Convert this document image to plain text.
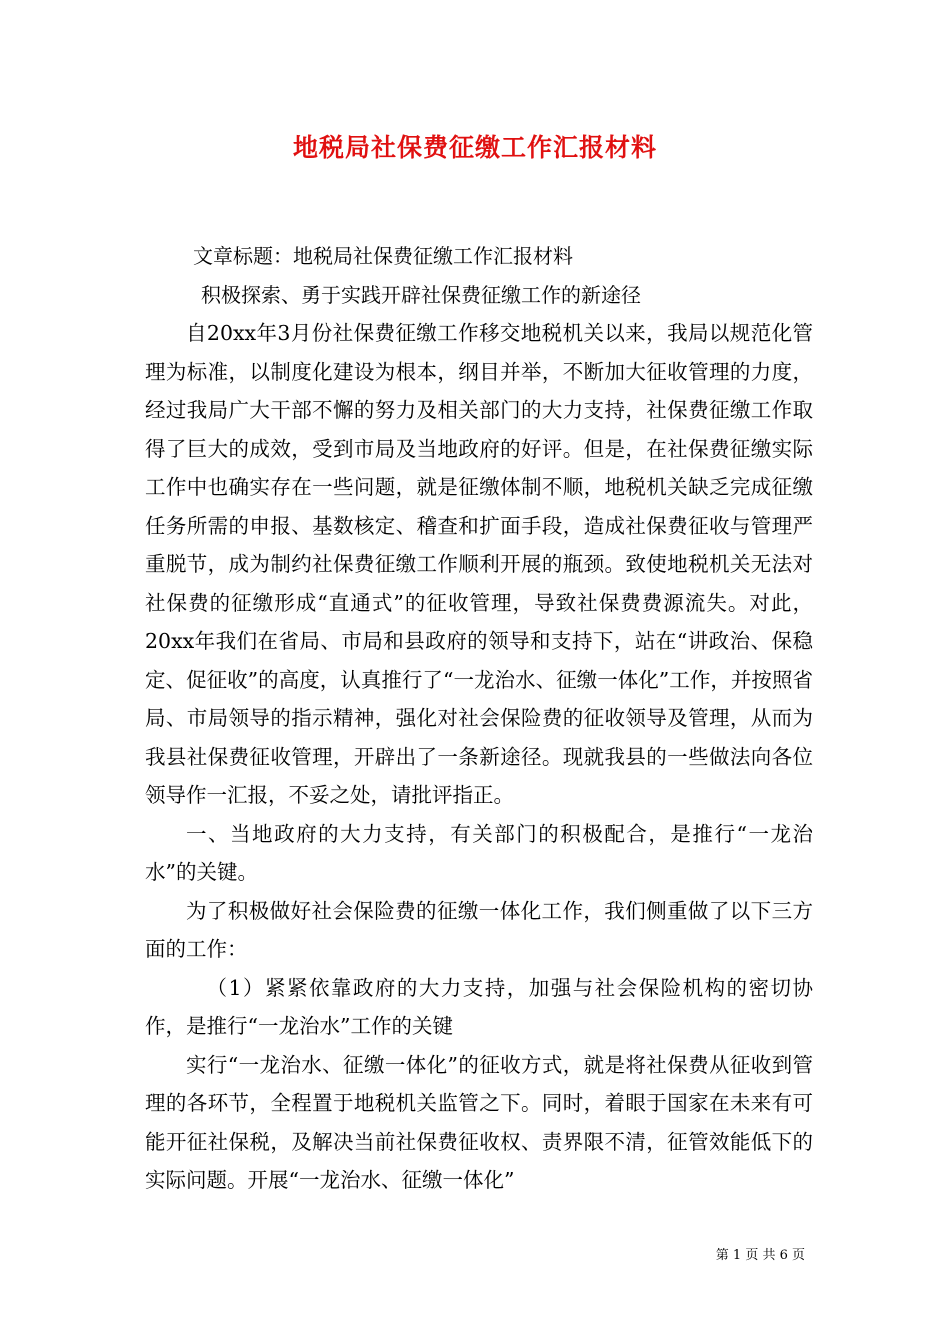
地税局社保费征缴工作汇报材料
文章标题：地税局社保费征缴工作汇报材料
积极探索、勇于实践开辟社保费征缴工作的新途径

自20xx年3月份社保费征缴工作移交地税机关以来，我局以规范化管理为标准，以制度化建设为根本，纲目并举，不断加大征收管理的力度，经过我局广大干部不懈的努力及相关部门的大力支持，社保费征缴工作取得了巨大的成效，受到市局及当地政府的好评。但是，在社保费征缴实际工作中也确实存在一些问题，就是征缴体制不顺，地税机关缺乏完成征缴任务所需的申报、基数核定、稽查和扩面手段，造成社保费征收与管理严重脱节，成为制约社保费征缴工作顺利开展的瓶颈。致使地税机关无法对社保费的征缴形成“直通式”的征收管理，导致社保费费源流失。对此，20xx年我们在省局、市局和县政府的领导和支持下，站在“讲政治、保稳定、促征收”的高度，认真推行了“一龙治水、征缴一体化”工作，并按照省局、市局领导的指示精神，强化对社会保险费的征收领导及管理，从而为我县社保费征收管理，开辟出了一条新途径。现就我县的一些做法向各位领导作一汇报，不妥之处，请批评指正。

一、当地政府的大力支持，有关部门的积极配合，是推行“一龙治水”的关键。

为了积极做好社会保险费的征缴一体化工作，我们侧重做了以下三方面的工作：

（1）紧紧依靠政府的大力支持，加强与社会保险机构的密切协作，是推行“一龙治水”工作的关键

实行“一龙治水、征缴一体化”的征收方式，就是将社保费从征收到管理的各环节，全程置于地税机关监管之下。同时，着眼于国家在未来有可能开征社保税，及解决当前社保费征收权、责界限不清，征管效能低下的实际问题。开展“一龙治水、征缴一体化”

第 1 页 共 6 页
